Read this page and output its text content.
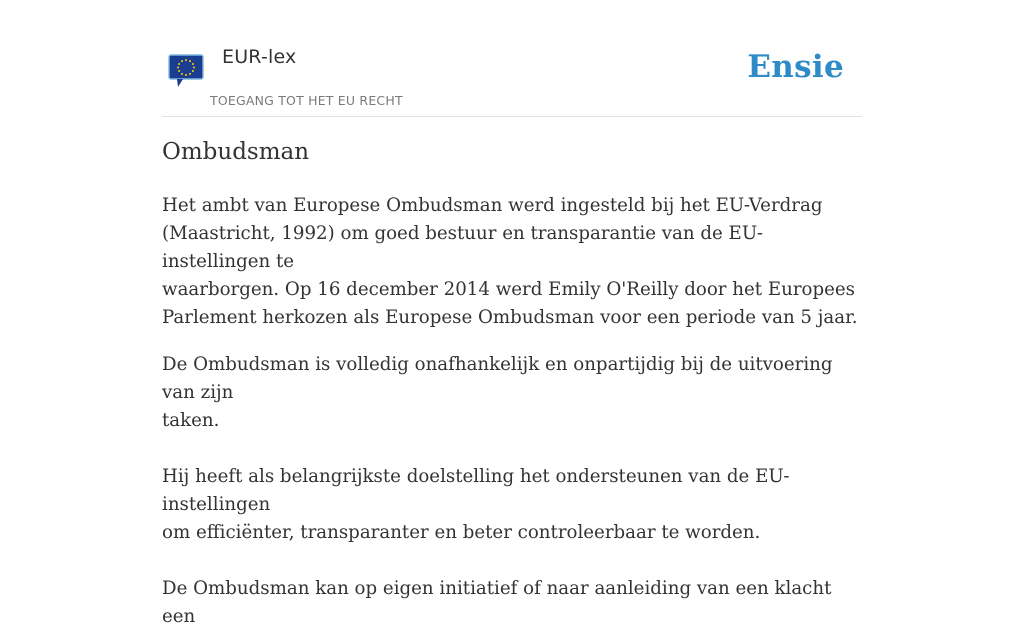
EUR-lex
TOEGANG TOT HET EU RECHT
Ensie
Ombudsman

Het ambt van Europese Ombudsman werd ingesteld bij het EU-Verdrag
(Maastricht, 1992) om goed bestuur en transparantie van de EU-instellingen te
waarborgen. Op 16 december 2014 werd Emily O'Reilly door het Europees
Parlement herkozen als Europese Ombudsman voor een periode van 5 jaar.

De Ombudsman is volledig onafhankelijk en onpartijdig bij de uitvoering van zijn
taken.

Hij heeft als belangrijkste doelstelling het ondersteunen van de EU-instellingen
om efficiënter, transparanter en beter controleerbaar te worden.

De Ombudsman kan op eigen initiatief of naar aanleiding van een klacht een
